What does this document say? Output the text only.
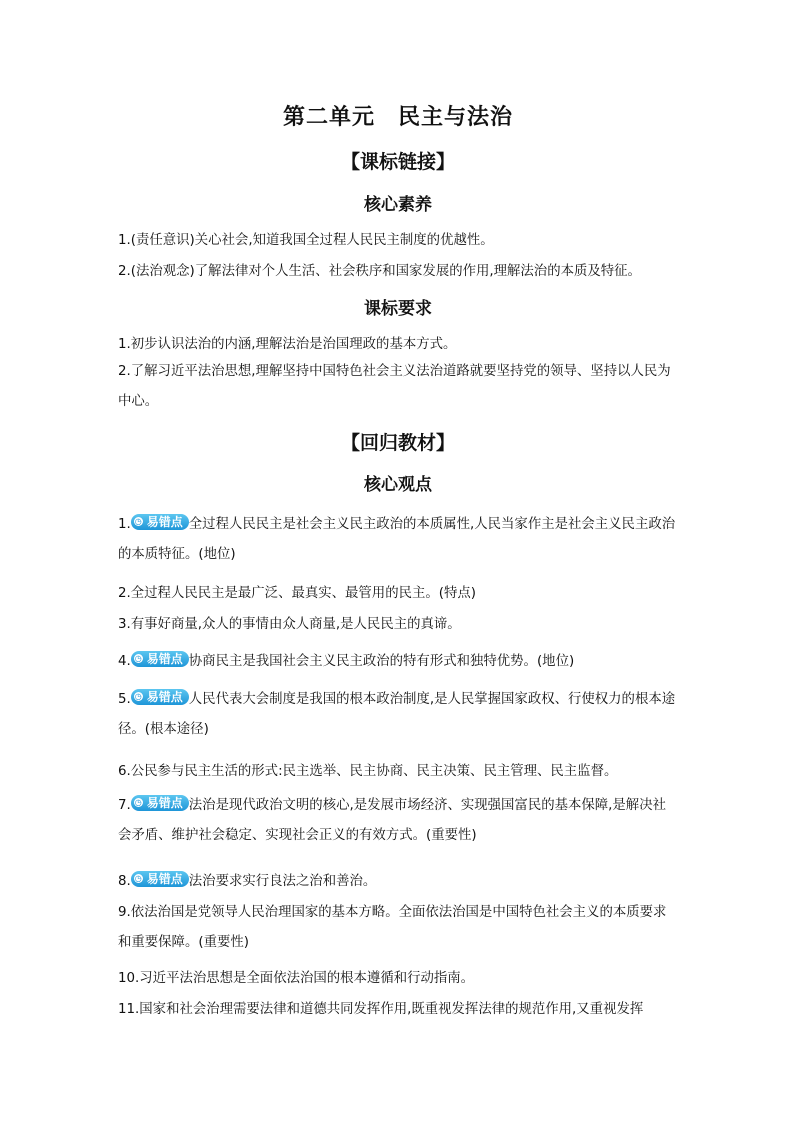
第二单元　民主与法治
【课标链接】
核心素养
1.(责任意识)关心社会,知道我国全过程人民民主制度的优越性。
2.(法治观念)了解法律对个人生活、社会秩序和国家发展的作用,理解法治的本质及特征。
课标要求
1.初步认识法治的内涵,理解法治是治国理政的基本方式。
2.了解习近平法治思想,理解坚持中国特色社会主义法治道路就要坚持党的领导、坚持以人民为中心。
【回归教材】
核心观点
1. ◷ 易错点 全过程人民民主是社会主义民主政治的本质属性,人民当家作主是社会主义民主政治的本质特征。(地位)
2.全过程人民民主是最广泛、最真实、最管用的民主。(特点)
3.有事好商量,众人的事情由众人商量,是人民民主的真谛。
4. ◷ 易错点 协商民主是我国社会主义民主政治的特有形式和独特优势。(地位)
5. ◷ 易错点 人民代表大会制度是我国的根本政治制度,是人民掌握国家政权、行使权力的根本途径。(根本途径)
6.公民参与民主生活的形式:民主选举、民主协商、民主决策、民主管理、民主监督。
7. ◷ 易错点 法治是现代政治文明的核心,是发展市场经济、实现强国富民的基本保障,是解决社会矛盾、维护社会稳定、实现社会正义的有效方式。(重要性)
8. ◷ 易错点 法治要求实行良法之治和善治。
9.依法治国是党领导人民治理国家的基本方略。全面依法治国是中国特色社会主义的本质要求和重要保障。(重要性)
10.习近平法治思想是全面依法治国的根本遵循和行动指南。
11.国家和社会治理需要法律和道德共同发挥作用,既重视发挥法律的规范作用,又重视发挥
